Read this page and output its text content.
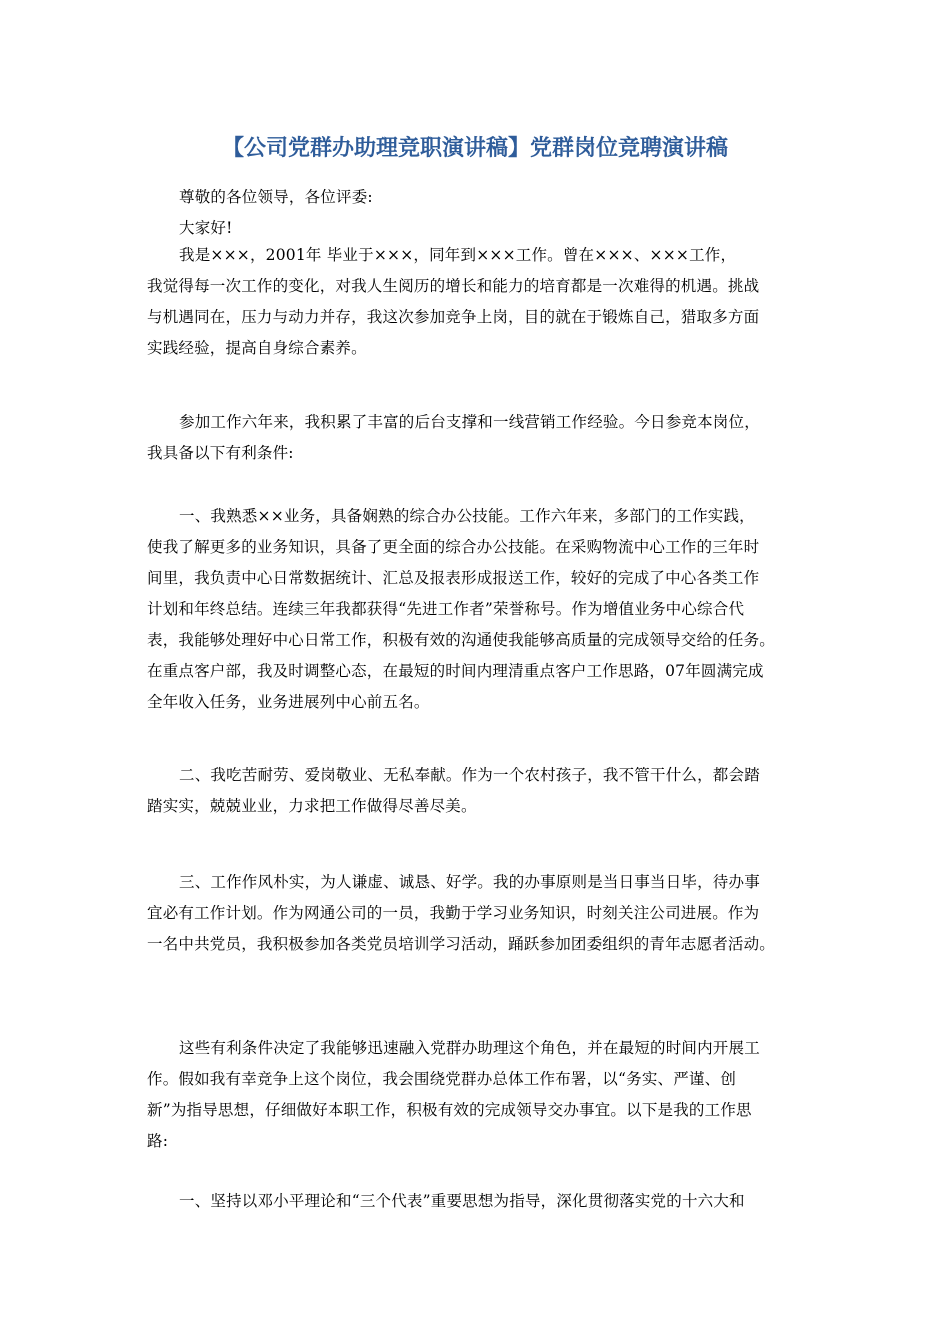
【公司党群办助理竞职演讲稿】党群岗位竞聘演讲稿

尊敬的各位领导，各位评委:

大家好!

我是×××，2001年 毕业于×××，同年到×××工作。曾在×××、×××工作，
我觉得每一次工作的变化，对我人生阅历的增长和能力的培育都是一次难得的机遇。挑战
与机遇同在，压力与动力并存，我这次参加竞争上岗，目的就在于锻炼自己，猎取多方面
实践经验，提高自身综合素养。

参加工作六年来，我积累了丰富的后台支撑和一线营销工作经验。今日参竞本岗位，
我具备以下有利条件:

一、我熟悉××业务，具备娴熟的综合办公技能。工作六年来，多部门的工作实践，
使我了解更多的业务知识，具备了更全面的综合办公技能。在采购物流中心工作的三年时
间里，我负责中心日常数据统计、汇总及报表形成报送工作，较好的完成了中心各类工作
计划和年终总结。连续三年我都获得“先进工作者”荣誉称号。作为增值业务中心综合代
表，我能够处理好中心日常工作，积极有效的沟通使我能够高质量的完成领导交给的任务。
在重点客户部，我及时调整心态，在最短的时间内理清重点客户工作思路，07年圆满完成
全年收入任务，业务进展列中心前五名。

二、我吃苦耐劳、爱岗敬业、无私奉献。作为一个农村孩子，我不管干什么，都会踏
踏实实，兢兢业业，力求把工作做得尽善尽美。

三、工作作风朴实，为人谦虚、诚恳、好学。我的办事原则是当日事当日毕，待办事
宜必有工作计划。作为网通公司的一员，我勤于学习业务知识，时刻关注公司进展。作为
一名中共党员，我积极参加各类党员培训学习活动，踊跃参加团委组织的青年志愿者活动。

这些有利条件决定了我能够迅速融入党群办助理这个角色，并在最短的时间内开展工
作。假如我有幸竞争上这个岗位，我会围绕党群办总体工作布署，以“务实、严谨、创
新”为指导思想，仔细做好本职工作，积极有效的完成领导交办事宜。以下是我的工作思
路:

一、坚持以邓小平理论和“三个代表”重要思想为指导，深化贯彻落实党的十六大和
